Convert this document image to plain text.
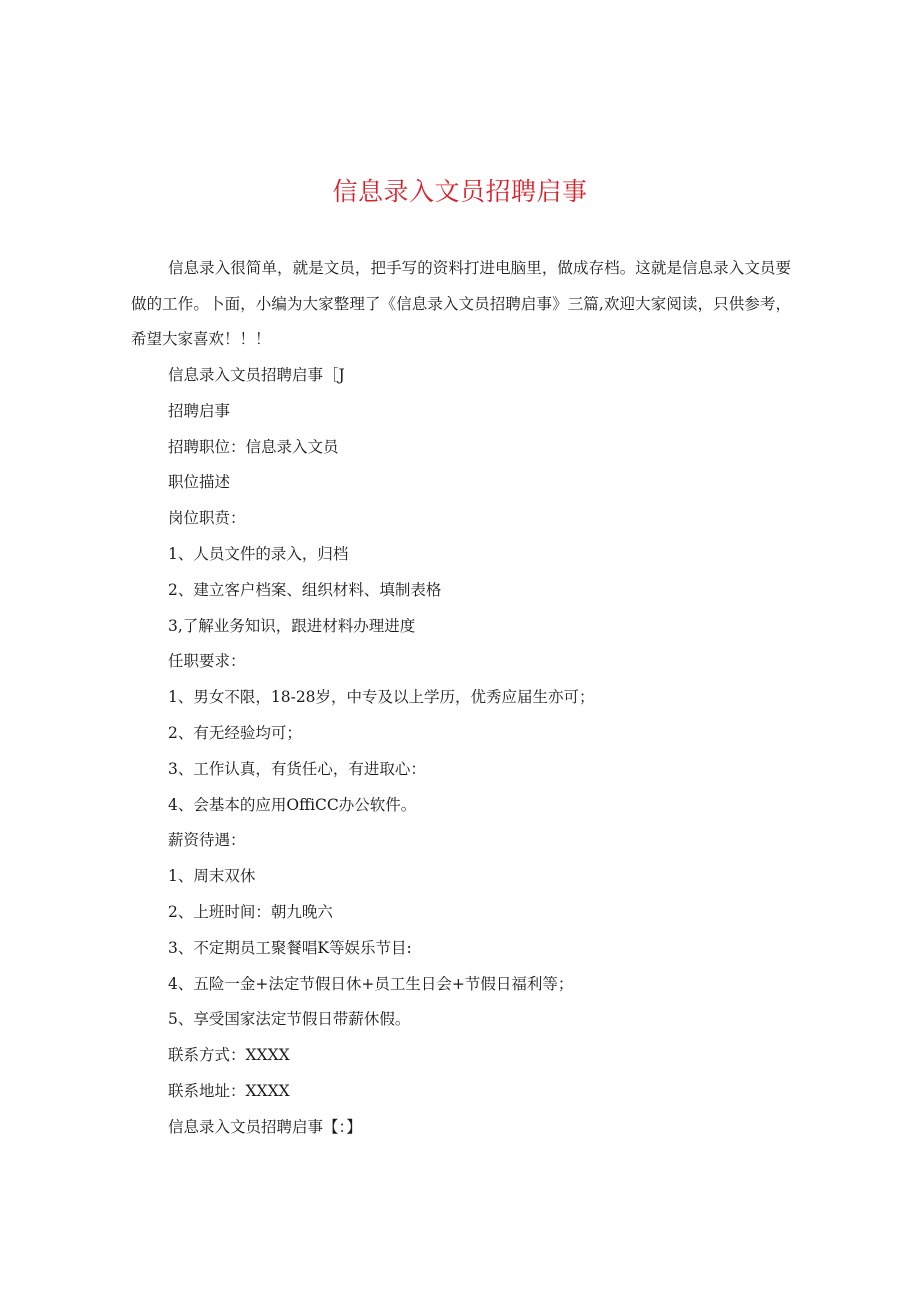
信息录入文员招聘启事

信息录入很简单，就是文员，把手写的资料打进电脑里，做成存档。这就是信息录入文员要做的工作。卜面，小编为大家整理了《信息录入文员招聘启事》三篇,欢迎大家阅读，只供参考，希望大家喜欢！！！

信息录入文员招聘启事［J
招聘启事
招聘职位：信息录入文员
职位描述
岗位职贲：
1、人员文件的录入，归档
2、建立客户档案、组织材料、填制表格
3,了解业务知识，跟进材料办理进度
任职要求：
1、男女不限，18-28岁，中专及以上学历，优秀应届生亦可；
2、有无经验均可；
3、工作认真，有货任心，有进取心：
4、会基本的应用OffiCC办公软件。
薪资待遇：
1、周末双休
2、上班时间：朝九晚六
3、不定期员工聚餐唱K等娱乐节目:
4、五险一金+法定节假日休+员工生日会+节假日福利等；
5、享受国家法定节假日带薪休假。
联系方式：XXXX
联系地址：XXXX
信息录入文员招聘启事【：】
